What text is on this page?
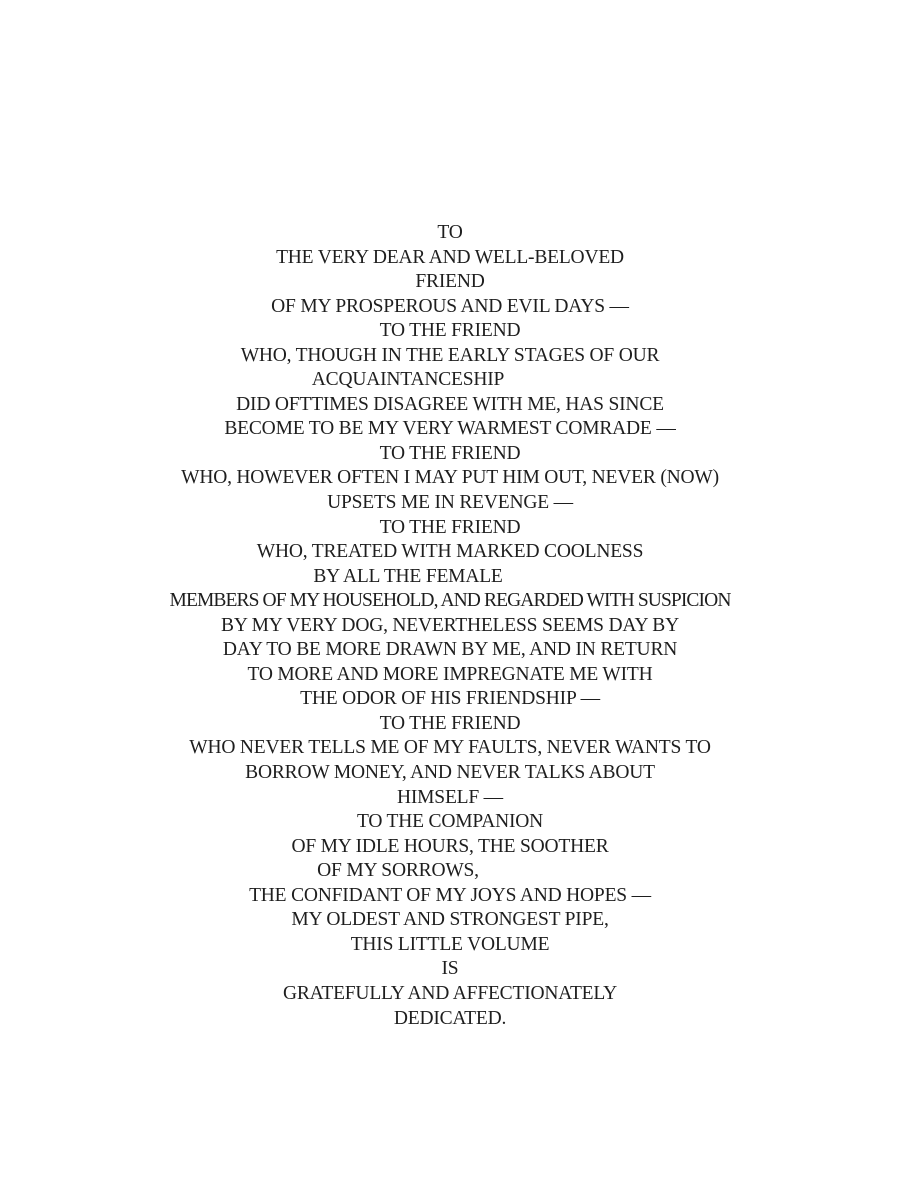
TO
THE VERY DEAR AND WELL-BELOVED
FRIEND
OF MY PROSPEROUS AND EVIL DAYS —
TO THE FRIEND
WHO, THOUGH IN THE EARLY STAGES OF OUR
ACQUAINTANCESHIP
DID OFTTIMES DISAGREE WITH ME, HAS SINCE
BECOME TO BE MY VERY WARMEST COMRADE —
TO THE FRIEND
WHO, HOWEVER OFTEN I MAY PUT HIM OUT, NEVER (NOW)
UPSETS ME IN REVENGE —
TO THE FRIEND
WHO, TREATED WITH MARKED COOLNESS
BY ALL THE FEMALE
MEMBERS OF MY HOUSEHOLD, AND REGARDED WITH SUSPICION
BY MY VERY DOG, NEVERTHELESS SEEMS DAY BY
DAY TO BE MORE DRAWN BY ME, AND IN RETURN
TO MORE AND MORE IMPREGNATE ME WITH
THE ODOR OF HIS FRIENDSHIP —
TO THE FRIEND
WHO NEVER TELLS ME OF MY FAULTS, NEVER WANTS TO
BORROW MONEY, AND NEVER TALKS ABOUT
HIMSELF —
TO THE COMPANION
OF MY IDLE HOURS, THE SOOTHER
OF MY SORROWS,
THE CONFIDANT OF MY JOYS AND HOPES —
MY OLDEST AND STRONGEST PIPE,
THIS LITTLE VOLUME
IS
GRATEFULLY AND AFFECTIONATELY
DEDICATED.
